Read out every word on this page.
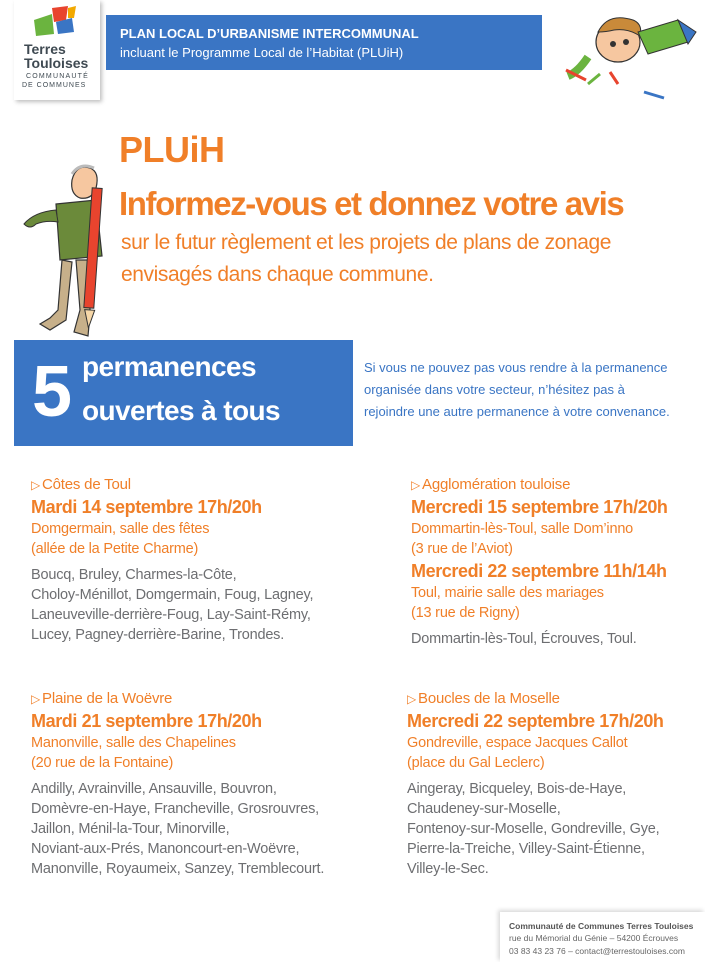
Terres
Touloises
COMMUNAUTÉ
DE COMMUNES
PLAN LOCAL D’URBANISME INTERCOMMUNAL
incluant le Programme Local de l’Habitat (PLUiH)
PLUiH
Informez-vous et donnez votre avis
sur le futur règlement et les projets de plans de zonage
envisagés dans chaque commune.
5 permanences
ouvertes à tous
Si vous ne pouvez pas vous rendre à la permanence
organisée dans votre secteur, n’hésitez pas à
rejoindre une autre permanence à votre convenance.
▷ Côtes de Toul
Mardi 14 septembre 17h/20h
Domgermain, salle des fêtes
(allée de la Petite Charme)
Boucq, Bruley, Charmes-la-Côte,
Choloy-Ménillot, Domgermain, Foug, Lagney,
Laneuveville-derrière-Foug, Lay-Saint-Rémy,
Lucey, Pagney-derrière-Barine, Trondes.
▷ Agglomération touloise
Mercredi 15 septembre 17h/20h
Dommartin-lès-Toul, salle Dom’inno
(3 rue de l’Aviot)
Mercredi 22 septembre 11h/14h
Toul, mairie salle des mariages
(13 rue de Rigny)
Dommartin-lès-Toul, Écrouves, Toul.
▷ Plaine de la Woëvre
Mardi 21 septembre 17h/20h
Manonville, salle des Chapelines
(20 rue de la Fontaine)
Andilly, Avrainville, Ansauville, Bouvron,
Domèvre-en-Haye, Francheville, Grosrouvres,
Jaillon, Ménil-la-Tour, Minorville,
Noviant-aux-Prés, Manoncourt-en-Woëvre,
Manonville, Royaumeix, Sanzey, Tremblecourt.
▷ Boucles de la Moselle
Mercredi 22 septembre 17h/20h
Gondreville, espace Jacques Callot
(place du Gal Leclerc)
Aingeray, Bicqueley, Bois-de-Haye,
Chaudeney-sur-Moselle,
Fontenoy-sur-Moselle, Gondreville, Gye,
Pierre-la-Treiche, Villey-Saint-Étienne,
Villey-le-Sec.
Communauté de Communes Terres Touloises
rue du Mémorial du Génie – 54200 Écrouves
03 83 43 23 76 – contact@terrestouloises.com
